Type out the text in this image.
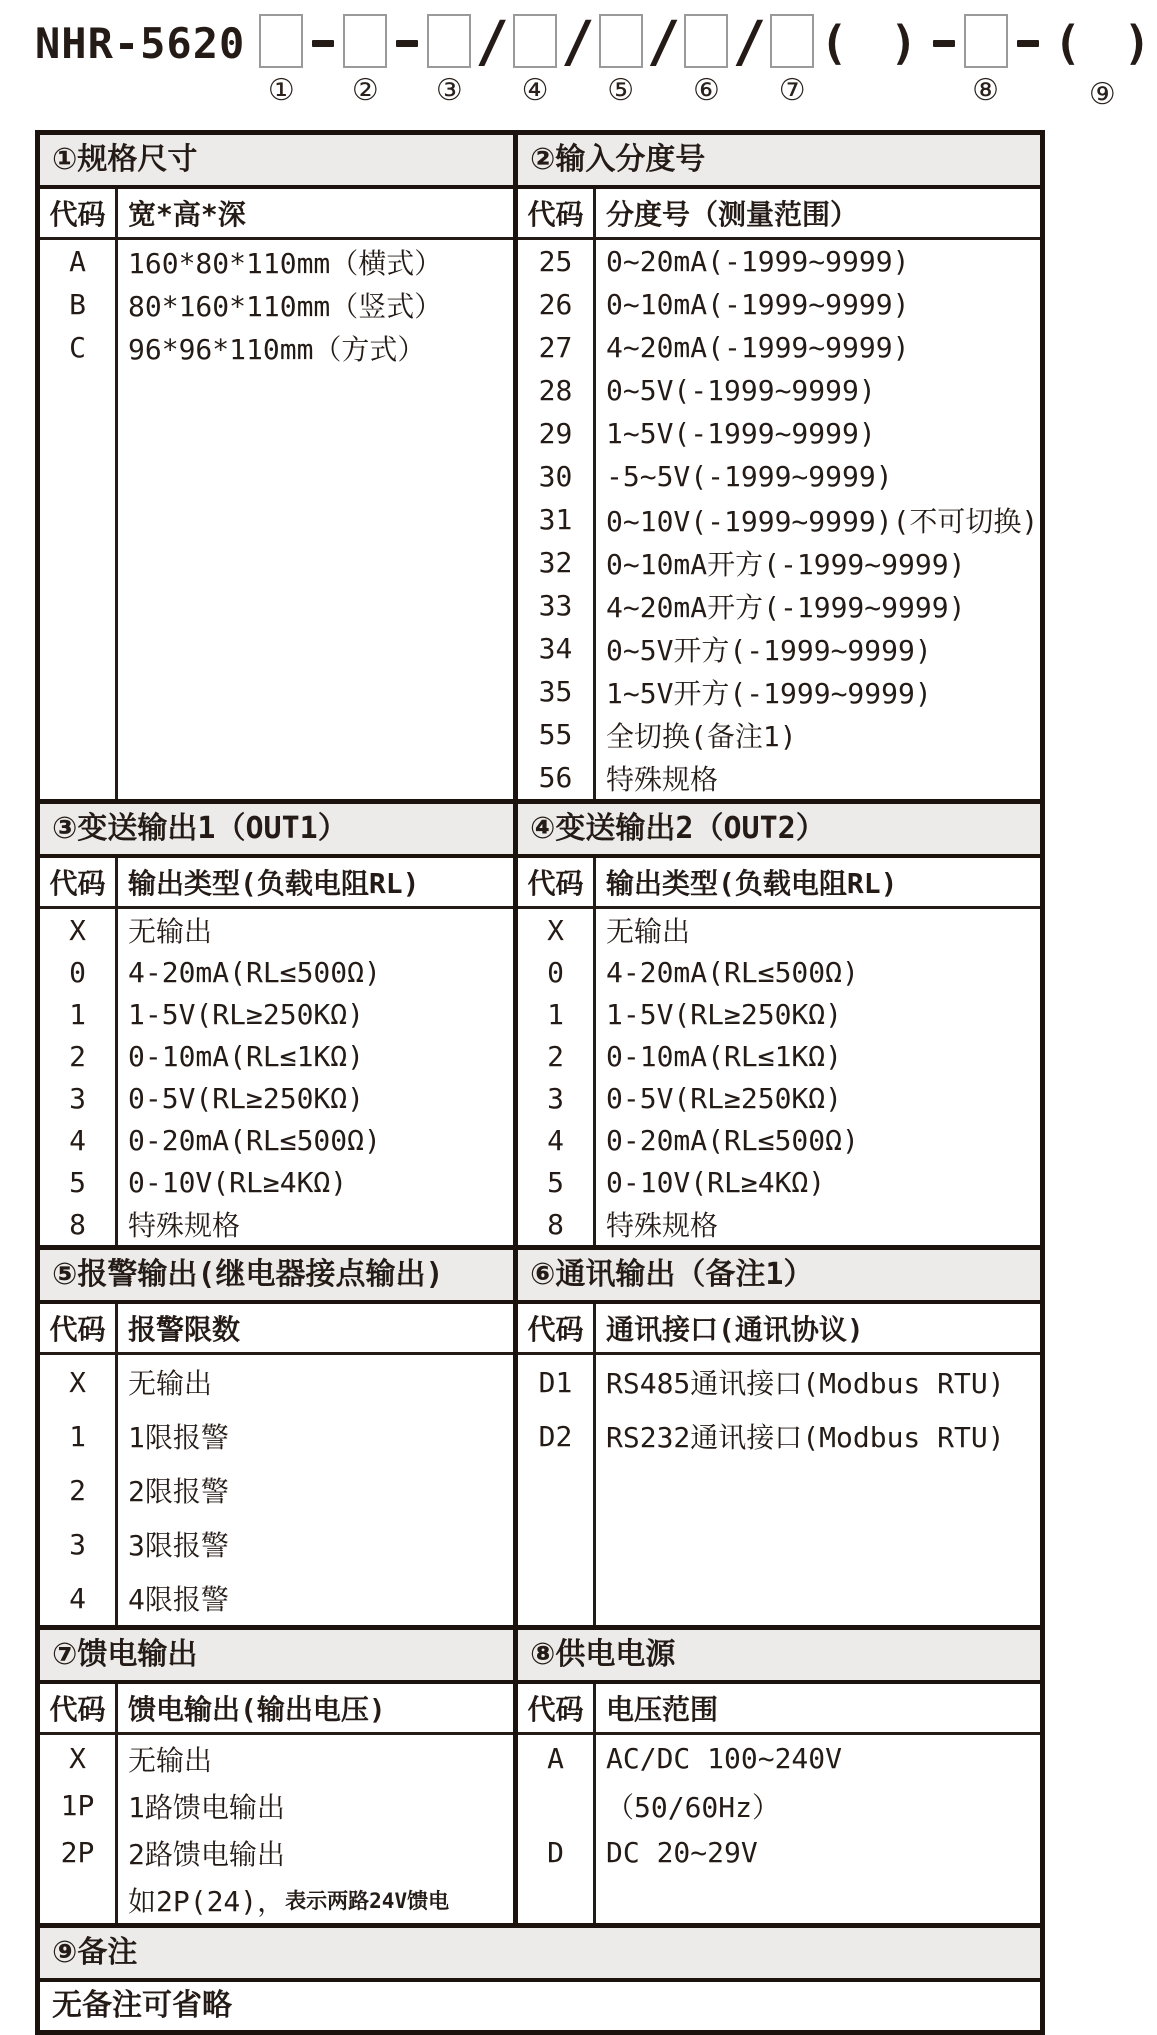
NHR-5620
① ② ③
/
④
/
⑤
/
⑥
/
⑦
( )
⑧
( )
⑨
①规格尺寸
代码 宽*高*深
A	160*80*110mm（横式）
B	80*160*110mm（竖式）
C	96*96*110mm（方式）
②输入分度号
代码 分度号（测量范围）
25	0~20mA(-1999~9999)
26	0~10mA(-1999~9999)
27	4~20mA(-1999~9999)
28	0~5V(-1999~9999)
29	1~5V(-1999~9999)
30	-5~5V(-1999~9999)
31	0~10V(-1999~9999)(不可切换)
32	0~10mA开方(-1999~9999)
33	4~20mA开方(-1999~9999)
34	0~5V开方(-1999~9999)
35	1~5V开方(-1999~9999)
55	全切换(备注1)
56	特殊规格
③变送输出1（OUT1）
代码 输出类型(负载电阻RL)
X	无输出
0	4-20mA(RL≤500Ω)
1	1-5V(RL≥250KΩ)
2	0-10mA(RL≤1KΩ)
3	0-5V(RL≥250KΩ)
4	0-20mA(RL≤500Ω)
5	0-10V(RL≥4KΩ)
8	特殊规格
④变送输出2（OUT2）
代码 输出类型(负载电阻RL)
X	无输出
0	4-20mA(RL≤500Ω)
1	1-5V(RL≥250KΩ)
2	0-10mA(RL≤1KΩ)
3	0-5V(RL≥250KΩ)
4	0-20mA(RL≤500Ω)
5	0-10V(RL≥4KΩ)
8	特殊规格
⑤报警输出(继电器接点输出)
代码 报警限数
X	无输出
1	1限报警
2	2限报警
3	3限报警
4	4限报警
⑥通讯输出（备注1）
代码 通讯接口(通讯协议)
D1	RS485通讯接口(Modbus RTU)
D2	RS232通讯接口(Modbus RTU)
⑦馈电输出
代码 馈电输出(输出电压)
X	无输出
1P	1路馈电输出
2P	2路馈电输出
如2P(24)， 表示两路24V馈电
⑧供电电源
代码 电压范围
A	AC/DC 100~240V
（50/60Hz）
D	DC 20~29V
⑨备注
无备注可省略
